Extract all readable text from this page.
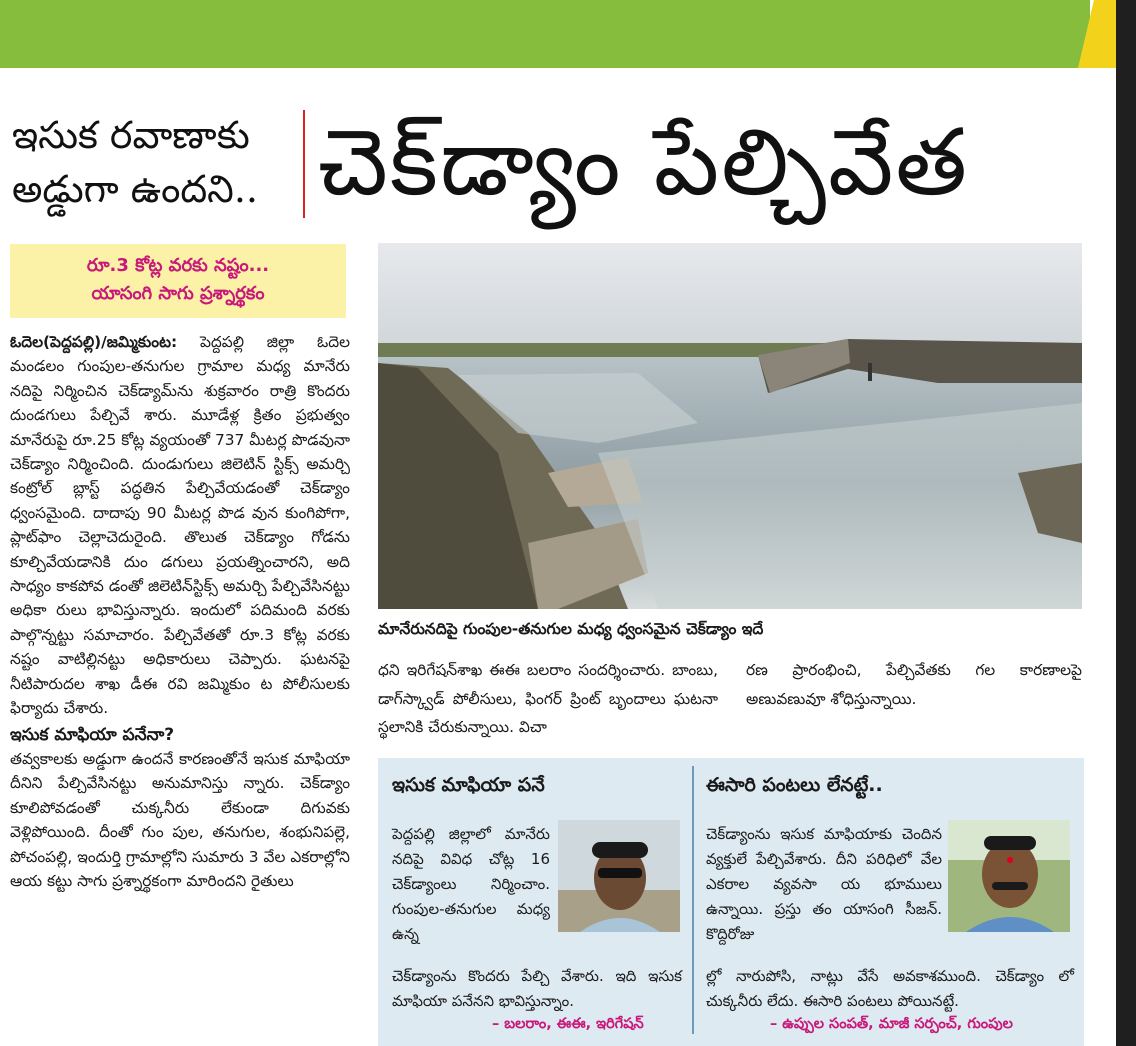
ఇసుక రవాణాకు
అడ్డుగా ఉందని.. చెక్‌డ్యాం పేల్చివేత
రూ.3 కోట్ల వరకు నష్టం...
యాసంగి సాగు ప్రశ్నార్థకం
ఓదెల(పెద్దపల్లి)/జమ్మికుంట: పెద్దపల్లి జిల్లా ఓదెల మండలం గుంపుల-తనుగుల గ్రామాల మధ్య మానేరు నదిపై నిర్మించిన చెక్‌డ్యామ్‌ను శుక్రవారం రాత్రి కొందరు దుండగులు పేల్చివే శారు. మూడేళ్ల క్రితం ప్రభుత్వం మానేరుపై రూ.25 కోట్ల వ్యయంతో 737 మీటర్ల పొడవునా చెక్‌డ్యాం నిర్మించింది. దుండుగులు జిలెటిన్ స్టిక్స్ అమర్చి కంట్రోల్ బ్లాస్ట్ పద్ధతిన పేల్చివేయడంతో చెక్‌డ్యాం ధ్వంసమైంది. దాదాపు 90 మీటర్ల పొడ వున కుంగిపోగా, ప్లాట్‌ఫాం చెల్లాచెదురైంది. తొలుత చెక్‌డ్యాం గోడను కూల్చివేయడానికి దుం డగులు ప్రయత్నించారని, అది సాధ్యం కాకపోవ డంతో జిలెటిన్‌స్టిక్స్ అమర్చి పేల్చివేసినట్టు అధికా రులు భావిస్తున్నారు. ఇందులో పదిమంది వరకు పాల్గొన్నట్టు సమాచారం. పేల్చివేతతో రూ.3 కోట్ల వరకు నష్టం వాటిల్లినట్టు అధికారులు చెప్పారు. ఘటనపై నీటిపారుదల శాఖ డీఈ రవి జమ్మికుం ట పోలీసులకు ఫిర్యాదు చేశారు.
ఇసుక మాఫియా పనేనా?
తవ్వకాలకు అడ్డుగా ఉందనే కారణంతోనే ఇసుక మాఫియా దీనిని పేల్చివేసినట్టు అనుమానిస్తు న్నారు. చెక్‌డ్యాం కూలిపోవడంతో చుక్కనీరు లేకుండా దిగువకు వెళ్లిపోయింది. దీంతో గుం పుల, తనుగుల, శంభునిపల్లె, పోచంపల్లి, ఇందుర్తి గ్రామాల్లోని సుమారు 3 వేల ఎకరాల్లోని ఆయ కట్టు సాగు ప్రశ్నార్థకంగా మారిందని రైతులు
మానేరునదిపై గుంపుల-తనుగుల మధ్య ధ్వంసమైన చెక్‌డ్యాం ఇదే
ధని ఇరిగేషన్‌శాఖ ఈఈ బలరాం సందర్శించారు. బాంబు, డాగ్‌స్క్వాడ్ పోలీసులు, ఫింగర్ ప్రింట్ బృందాలు ఘటనా స్థలానికి చేరుకున్నాయి. విచా
రణ ప్రారంభించి, పేల్చివేతకు గల కారణాలపై అణువణువూ శోధిస్తున్నాయి.
ఇసుక మాఫియా పనే
పెద్దపల్లి జిల్లాలో మానేరు నదిపై వివిధ చోట్ల 16 చెక్‌డ్యాంలు నిర్మించాం. గుంపుల-తనుగుల మధ్య ఉన్న
చెక్‌డ్యాంను కొందరు పేల్చి వేశారు. ఇది ఇసుక మాఫియా పనేనని భావిస్తున్నాం.
– బలరాం, ఈఈ, ఇరిగేషన్
ఈసారి పంటలు లేనట్టే..
చెక్‌డ్యాంను ఇసుక మాఫియాకు చెందిన వ్యక్తులే పేల్చివేశారు. దీని పరిధిలో వేల ఎకరాల వ్యవసా య భూములు ఉన్నాయి. ప్రస్తు తం యాసంగి సీజన్. కొద్దిరోజు
ల్లో నారుపోసి, నాట్లు వేసే అవకాశముంది. చెక్‌డ్యాం లో చుక్కనీరు లేదు. ఈసారి పంటలు పోయినట్టే.
– ఉప్పుల సంపత్, మాజీ సర్పంచ్, గుంపుల
